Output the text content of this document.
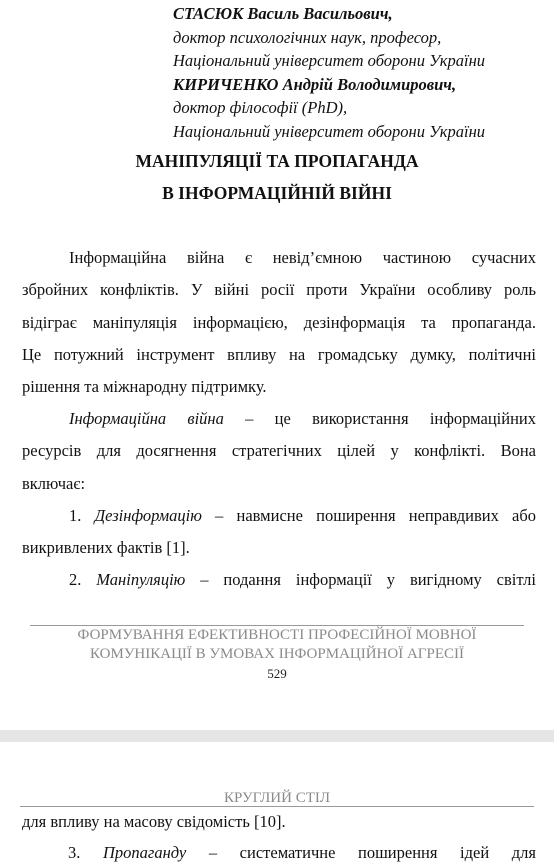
СТАСЮК Василь Васильович,
доктор психологічних наук, професор,
Національний університет оборони України
КИРИЧЕНКО Андрій Володимирович,
доктор філософії (PhD),
Національний університет оборони України
МАНІПУЛЯЦІЇ ТА ПРОПАГАНДА
В ІНФОРМАЦІЙНІЙ ВІЙНІ
Інформаційна війна є невід’ємною частиною сучасних
збройних конфліктів. У війні росії проти України особливу роль
відіграє маніпуляція інформацією, дезінформація та пропаганда.
Це потужний інструмент впливу на громадську думку, політичні
рішення та міжнародну підтримку.
Інформаційна війна – це використання інформаційних
ресурсів для досягнення стратегічних цілей у конфлікті. Вона
включає:
1. Дезінформацію – навмисне поширення неправдивих або
викривлених фактів [1].
2. Маніпуляцію – подання інформації у вигідному світлі
ФОРМУВАННЯ ЕФЕКТИВНОСТІ ПРОФЕСІЙНОЇ МОВНОЇ
КОМУНІКАЦІЇ В УМОВАХ ІНФОРМАЦІЙНОЇ АГРЕСІЇ
529
КРУГЛИЙ СТІЛ
для впливу на масову свідомість [10].
3. Пропаганду – систематичне поширення ідей для
